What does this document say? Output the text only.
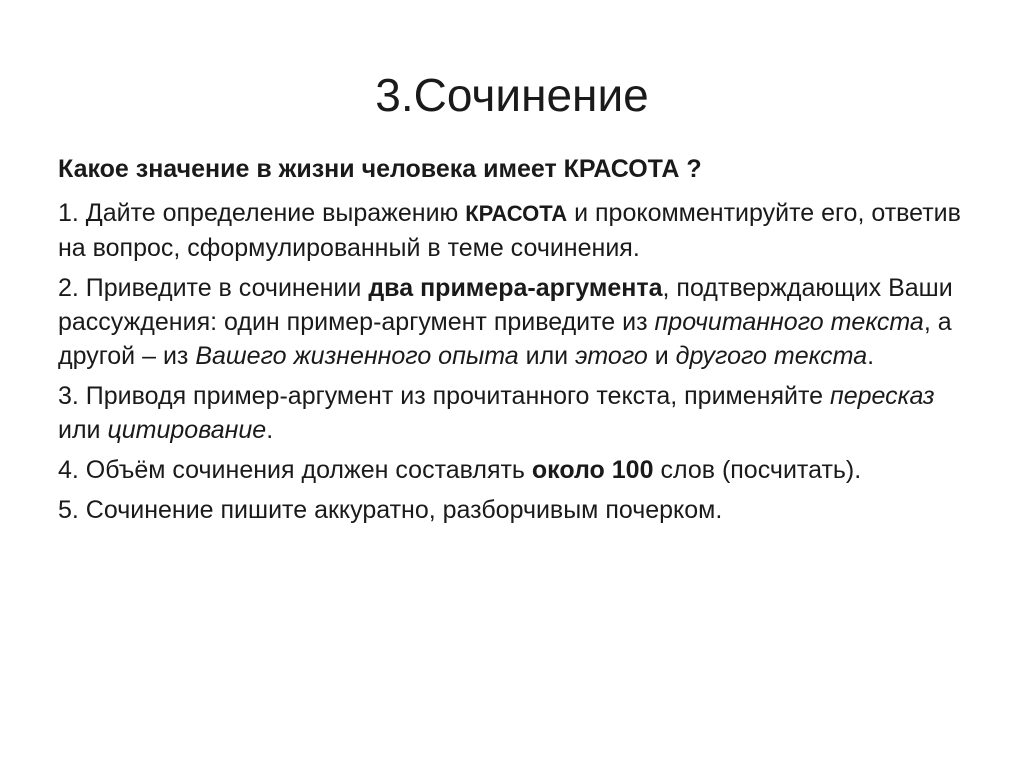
3.Сочинение

Какое значение в жизни человека имеет КРАСОТА ?

1. Дайте определение выражению КРАСОТА и прокомментируйте его, ответив на вопрос, сформулированный в теме сочинения.

2. Приведите в сочинении два примера-аргумента, подтверждающих Ваши рассуждения: один пример-аргумент приведите из прочитанного текста, а другой – из Вашего жизненного опыта или этого и другого текста.

3. Приводя пример-аргумент из прочитанного текста, применяйте пересказ или цитирование.

4. Объём сочинения должен составлять около 100 слов (посчитать).

5. Сочинение пишите аккуратно, разборчивым почерком.
